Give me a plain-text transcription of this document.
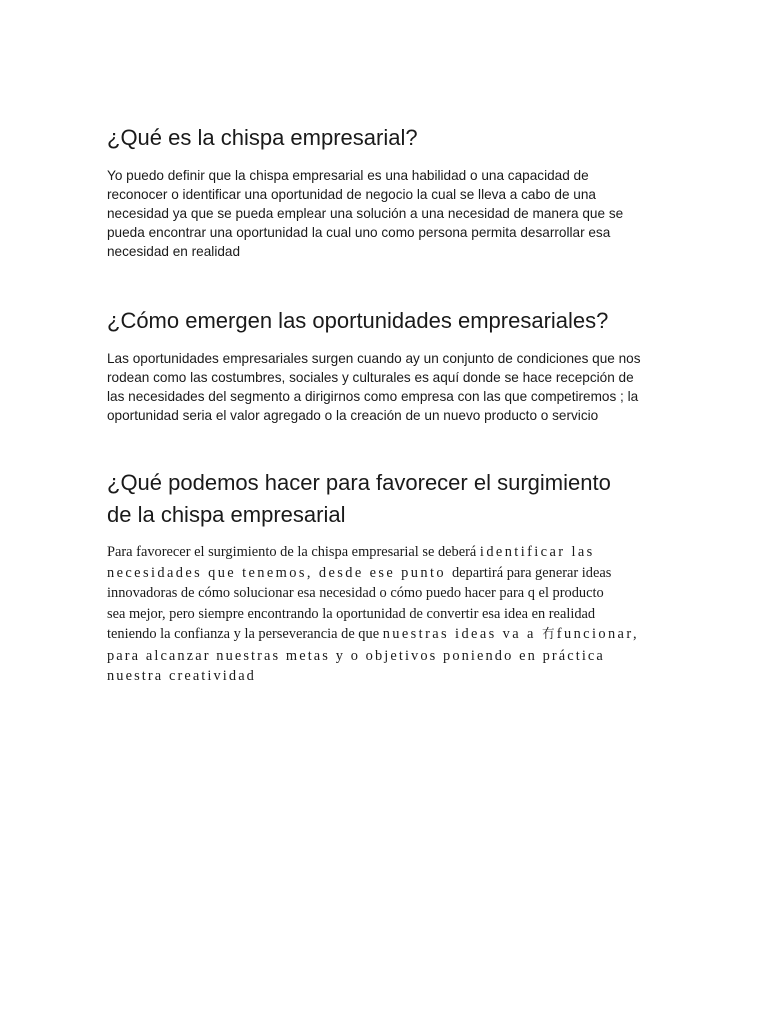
¿Qué es la chispa empresarial?

Yo puedo definir que la chispa empresarial es una habilidad o una capacidad de
reconocer o identificar una oportunidad de negocio la cual se lleva a cabo de una
necesidad ya que se pueda emplear una solución a una necesidad de manera que se
pueda encontrar una oportunidad la cual uno como persona permita desarrollar esa
necesidad en realidad

¿Cómo emergen las oportunidades empresariales?

Las oportunidades empresariales surgen cuando ay un conjunto de condiciones que nos
rodean como las costumbres, sociales y culturales es aquí donde se hace recepción de
las necesidades del segmento a dirigirnos como empresa con las que competiremos ; la
oportunidad seria el valor agregado o la creación de un nuevo producto o servicio

¿Qué podemos hacer para favorecer el surgimiento
de la chispa empresarial

Para favorecer el surgimiento de la chispa empresarial se deberá identificar las
necesidades que tenemos, desde ese punto departirá para generar ideas
innovadoras de cómo solucionar esa necesidad o cómo puedo hacer para q el producto
sea mejor, pero siempre encontrando la oportunidad de convertir esa idea en realidad
teniendo la confianza y la perseverancia de que nuestras ideas va a 冇 funcionar,
para alcanzar nuestras metas y o objetivos poniendo en práctica
nuestra creatividad
